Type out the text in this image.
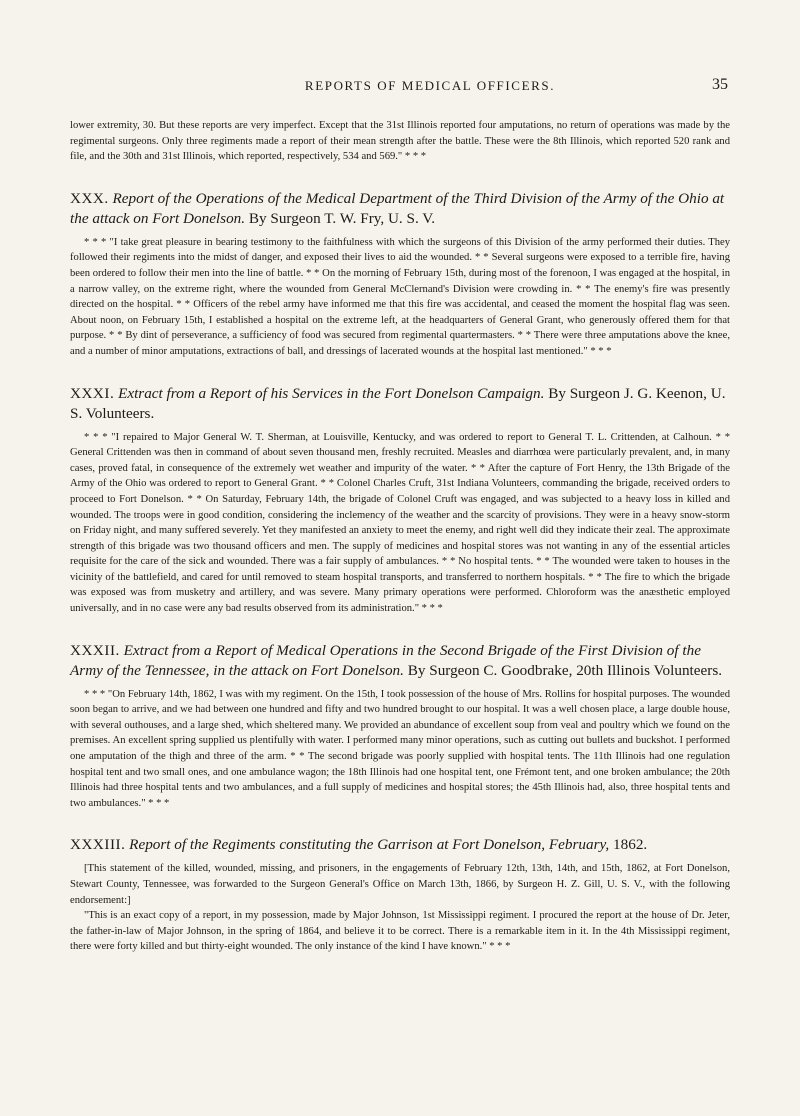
REPORTS OF MEDICAL OFFICERS.	35

lower extremity, 30. But these reports are very imperfect. Except that the 31st Illinois reported four amputations, no return of operations was made by the regimental surgeons. Only three regiments made a report of their mean strength after the battle. These were the 8th Illinois, which reported 520 rank and file, and the 30th and 31st Illinois, which reported, respectively, 534 and 569." * * *

XXX. Report of the Operations of the Medical Department of the Third Division of the Army of the Ohio at the attack on Fort Donelson. By Surgeon T. W. Fry, U. S. V.

* * * "I take great pleasure in bearing testimony to the faithfulness with which the surgeons of this Division of the army performed their duties. They followed their regiments into the midst of danger, and exposed their lives to aid the wounded. * * Several surgeons were exposed to a terrible fire, having been ordered to follow their men into the line of battle. * * On the morning of February 15th, during most of the forenoon, I was engaged at the hospital, in a narrow valley, on the extreme right, where the wounded from General McClernand's Division were crowding in. * * The enemy's fire was presently directed on the hospital. * * Officers of the rebel army have informed me that this fire was accidental, and ceased the moment the hospital flag was seen. About noon, on February 15th, I established a hospital on the extreme left, at the headquarters of General Grant, who generously offered them for that purpose. * * By dint of perseverance, a sufficiency of food was secured from regimental quartermasters. * * There were three amputations above the knee, and a number of minor amputations, extractions of ball, and dressings of lacerated wounds at the hospital last mentioned." * * *

XXXI. Extract from a Report of his Services in the Fort Donelson Campaign. By Surgeon J. G. Keenon, U. S. Volunteers.

* * * "I repaired to Major General W. T. Sherman, at Louisville, Kentucky, and was ordered to report to General T. L. Crittenden, at Calhoun. * * General Crittenden was then in command of about seven thousand men, freshly recruited. Measles and diarrhœa were particularly prevalent, and, in many cases, proved fatal, in consequence of the extremely wet weather and impurity of the water. * * After the capture of Fort Henry, the 13th Brigade of the Army of the Ohio was ordered to report to General Grant. * * Colonel Charles Cruft, 31st Indiana Volunteers, commanding the brigade, received orders to proceed to Fort Donelson. * * On Saturday, February 14th, the brigade of Colonel Cruft was engaged, and was subjected to a heavy loss in killed and wounded. The troops were in good condition, considering the inclemency of the weather and the scarcity of provisions. They were in a heavy snow-storm on Friday night, and many suffered severely. Yet they manifested an anxiety to meet the enemy, and right well did they indicate their zeal. The approximate strength of this brigade was two thousand officers and men. The supply of medicines and hospital stores was not wanting in any of the essential articles requisite for the care of the sick and wounded. There was a fair supply of ambulances. * * No hospital tents. * * The wounded were taken to houses in the vicinity of the battlefield, and cared for until removed to steam hospital transports, and transferred to northern hospitals. * * The fire to which the brigade was exposed was from musketry and artillery, and was severe. Many primary operations were performed. Chloroform was the anæsthetic employed universally, and in no case were any bad results observed from its administration." * * *

XXXII. Extract from a Report of Medical Operations in the Second Brigade of the First Division of the Army of the Tennessee, in the attack on Fort Donelson. By Surgeon C. Goodbrake, 20th Illinois Volunteers.

* * * "On February 14th, 1862, I was with my regiment. On the 15th, I took possession of the house of Mrs. Rollins for hospital purposes. The wounded soon began to arrive, and we had between one hundred and fifty and two hundred brought to our hospital. It was a well chosen place, a large double house, with several outhouses, and a large shed, which sheltered many. We provided an abundance of excellent soup from veal and poultry which we found on the premises. An excellent spring supplied us plentifully with water. I performed many minor operations, such as cutting out bullets and buckshot. I performed one amputation of the thigh and three of the arm. * * The second brigade was poorly supplied with hospital tents. The 11th Illinois had one regulation hospital tent and two small ones, and one ambulance wagon; the 18th Illinois had one hospital tent, one Frémont tent, and one broken ambulance; the 20th Illinois had three hospital tents and two ambulances, and a full supply of medicines and hospital stores; the 45th Illinois had, also, three hospital tents and two ambulances." * * *

XXXIII. Report of the Regiments constituting the Garrison at Fort Donelson, February, 1862.

[This statement of the killed, wounded, missing, and prisoners, in the engagements of February 12th, 13th, 14th, and 15th, 1862, at Fort Donelson, Stewart County, Tennessee, was forwarded to the Surgeon General's Office on March 13th, 1866, by Surgeon H. Z. Gill, U. S. V., with the following endorsement:]

"This is an exact copy of a report, in my possession, made by Major Johnson, 1st Mississippi regiment. I procured the report at the house of Dr. Jeter, the father-in-law of Major Johnson, in the spring of 1864, and believe it to be correct. There is a remarkable item in it. In the 4th Mississippi regiment, there were forty killed and but thirty-eight wounded. The only instance of the kind I have known." * * *
